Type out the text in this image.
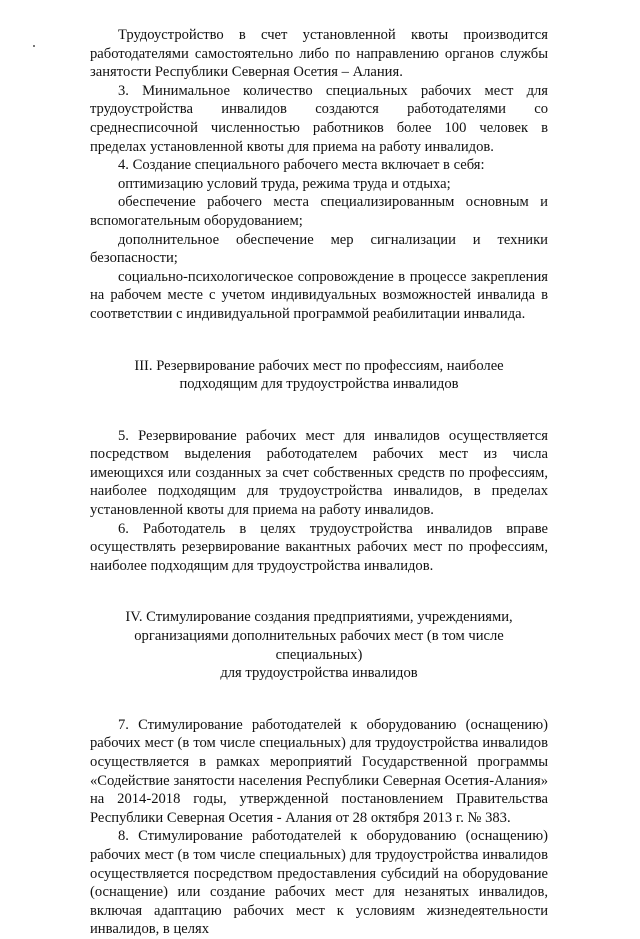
Трудоустройство в счет установленной квоты производится работодателями самостоятельно либо по направлению органов службы занятости Республики Северная Осетия – Алания.

3. Минимальное количество специальных рабочих мест для трудоустройства инвалидов создаются работодателями со среднесписочной численностью работников более 100 человек в пределах установленной квоты для приема на работу инвалидов.

4. Создание специального рабочего места включает в себя:

оптимизацию условий труда, режима труда и отдыха;

обеспечение рабочего места специализированным основным и вспомогательным оборудованием;

дополнительное обеспечение мер сигнализации и техники безопасности;

социально-психологическое сопровождение в процессе закрепления на рабочем месте с учетом индивидуальных возможностей инвалида в соответствии с индивидуальной программой реабилитации инвалида.

III. Резервирование рабочих мест по профессиям, наиболее
подходящим для трудоустройства инвалидов

5. Резервирование рабочих мест для инвалидов осуществляется посредством выделения работодателем рабочих мест из числа имеющихся или созданных за счет собственных средств по профессиям, наиболее подходящим для трудоустройства инвалидов, в пределах установленной квоты для приема на работу инвалидов.

6. Работодатель в целях трудоустройства инвалидов вправе осуществлять резервирование вакантных рабочих мест по профессиям, наиболее подходящим для трудоустройства инвалидов.

IV. Стимулирование создания предприятиями, учреждениями,
организациями дополнительных рабочих мест (в том числе специальных)
для трудоустройства инвалидов

7. Стимулирование работодателей к оборудованию (оснащению) рабочих мест (в том числе специальных) для трудоустройства инвалидов осуществляется в рамках мероприятий Государственной программы «Содействие занятости населения Республики Северная Осетия-Алания» на 2014-2018 годы, утвержденной постановлением Правительства Республики Северная Осетия - Алания от 28 октября 2013 г. № 383.

8. Стимулирование работодателей к оборудованию (оснащению) рабочих мест (в том числе специальных) для трудоустройства инвалидов осуществляется посредством предоставления субсидий на оборудование (оснащение) или создание рабочих мест для незанятых инвалидов, включая адаптацию рабочих мест к условиям жизнедеятельности инвалидов, в целях
